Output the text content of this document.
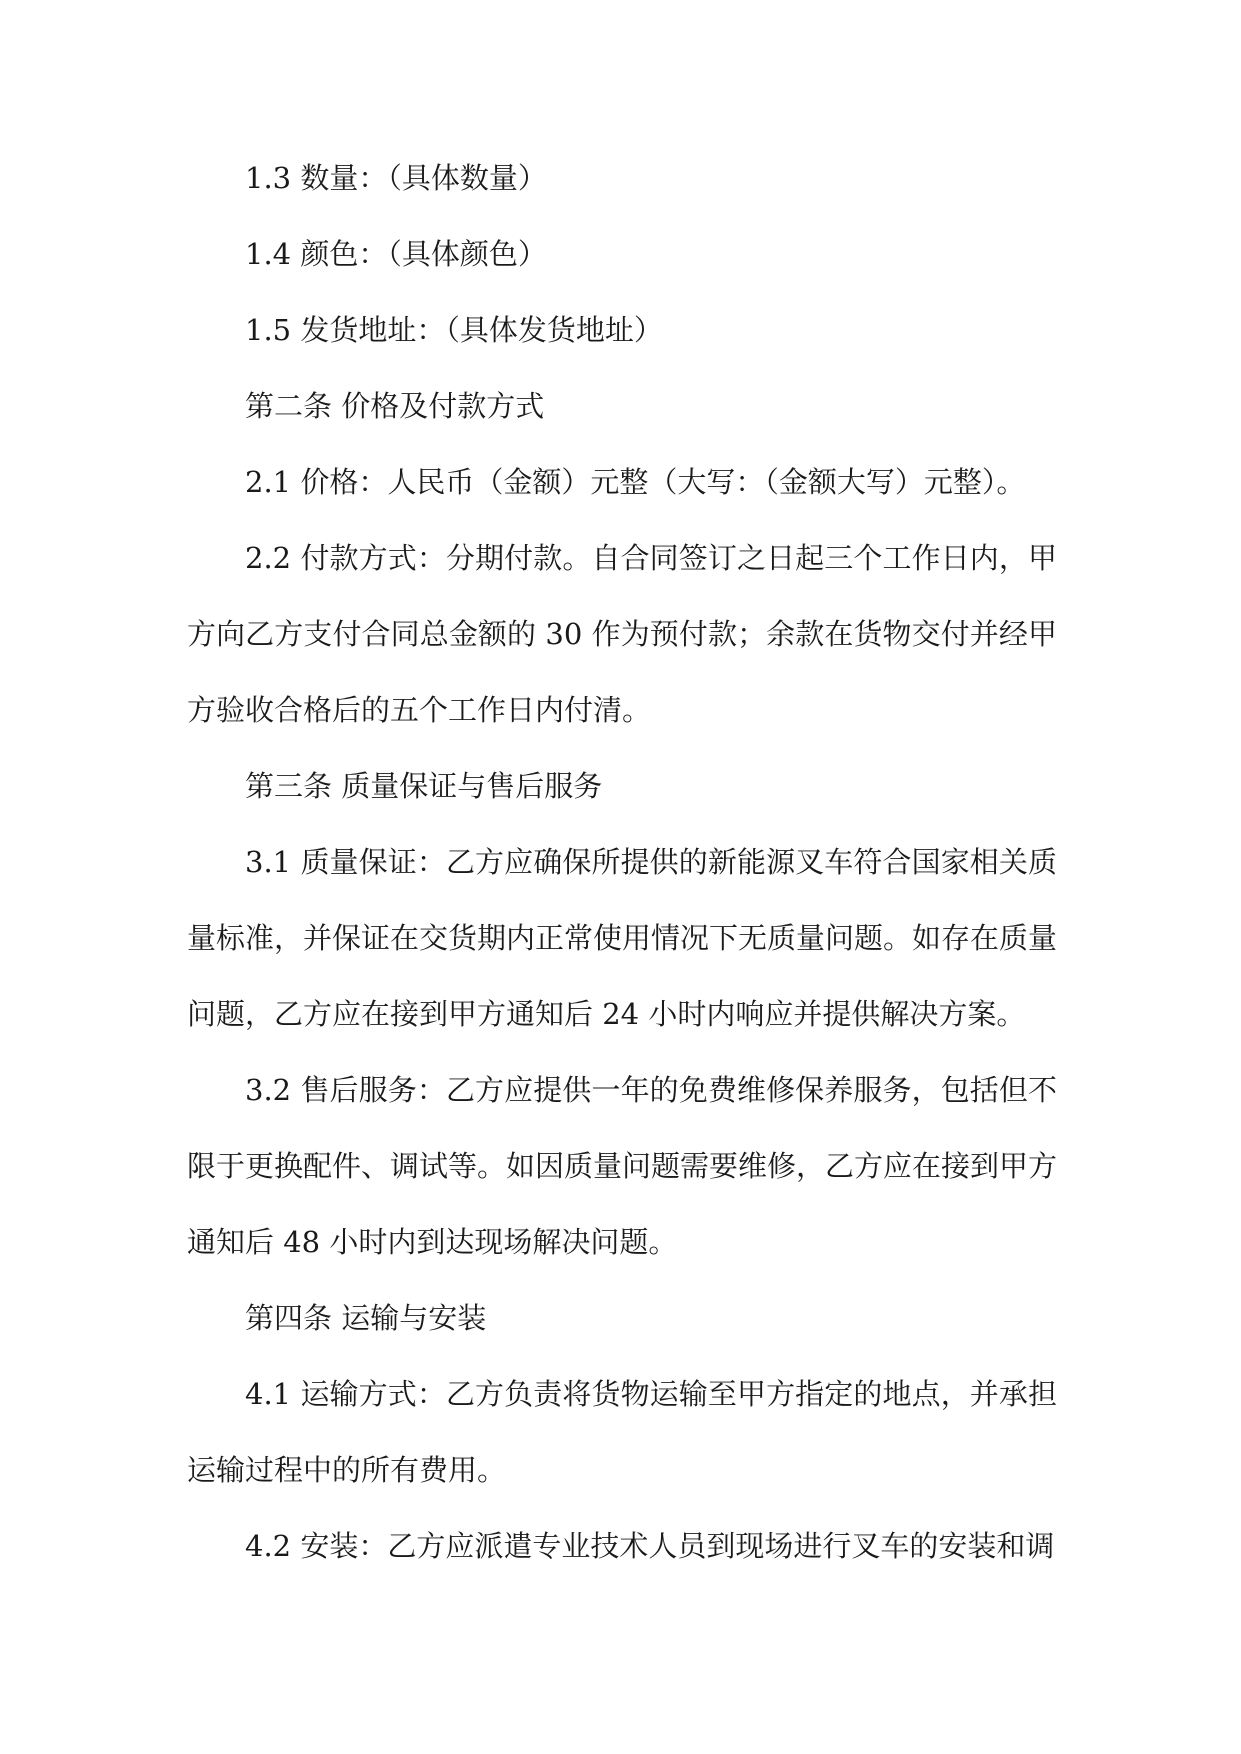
1.3 数量：（具体数量）

1.4 颜色：（具体颜色）

1.5 发货地址：（具体发货地址）

第二条 价格及付款方式

2.1 价格：人民币（金额）元整（大写：（金额大写）元整）。

2.2 付款方式：分期付款。自合同签订之日起三个工作日内，甲方向乙方支付合同总金额的 30 作为预付款；余款在货物交付并经甲方验收合格后的五个工作日内付清。

第三条 质量保证与售后服务

3.1 质量保证：乙方应确保所提供的新能源叉车符合国家相关质量标准，并保证在交货期内正常使用情况下无质量问题。如存在质量问题，乙方应在接到甲方通知后 24 小时内响应并提供解决方案。

3.2 售后服务：乙方应提供一年的免费维修保养服务，包括但不限于更换配件、调试等。如因质量问题需要维修，乙方应在接到甲方通知后 48 小时内到达现场解决问题。

第四条 运输与安装

4.1 运输方式：乙方负责将货物运输至甲方指定的地点，并承担运输过程中的所有费用。

4.2 安装：乙方应派遣专业技术人员到现场进行叉车的安装和调
